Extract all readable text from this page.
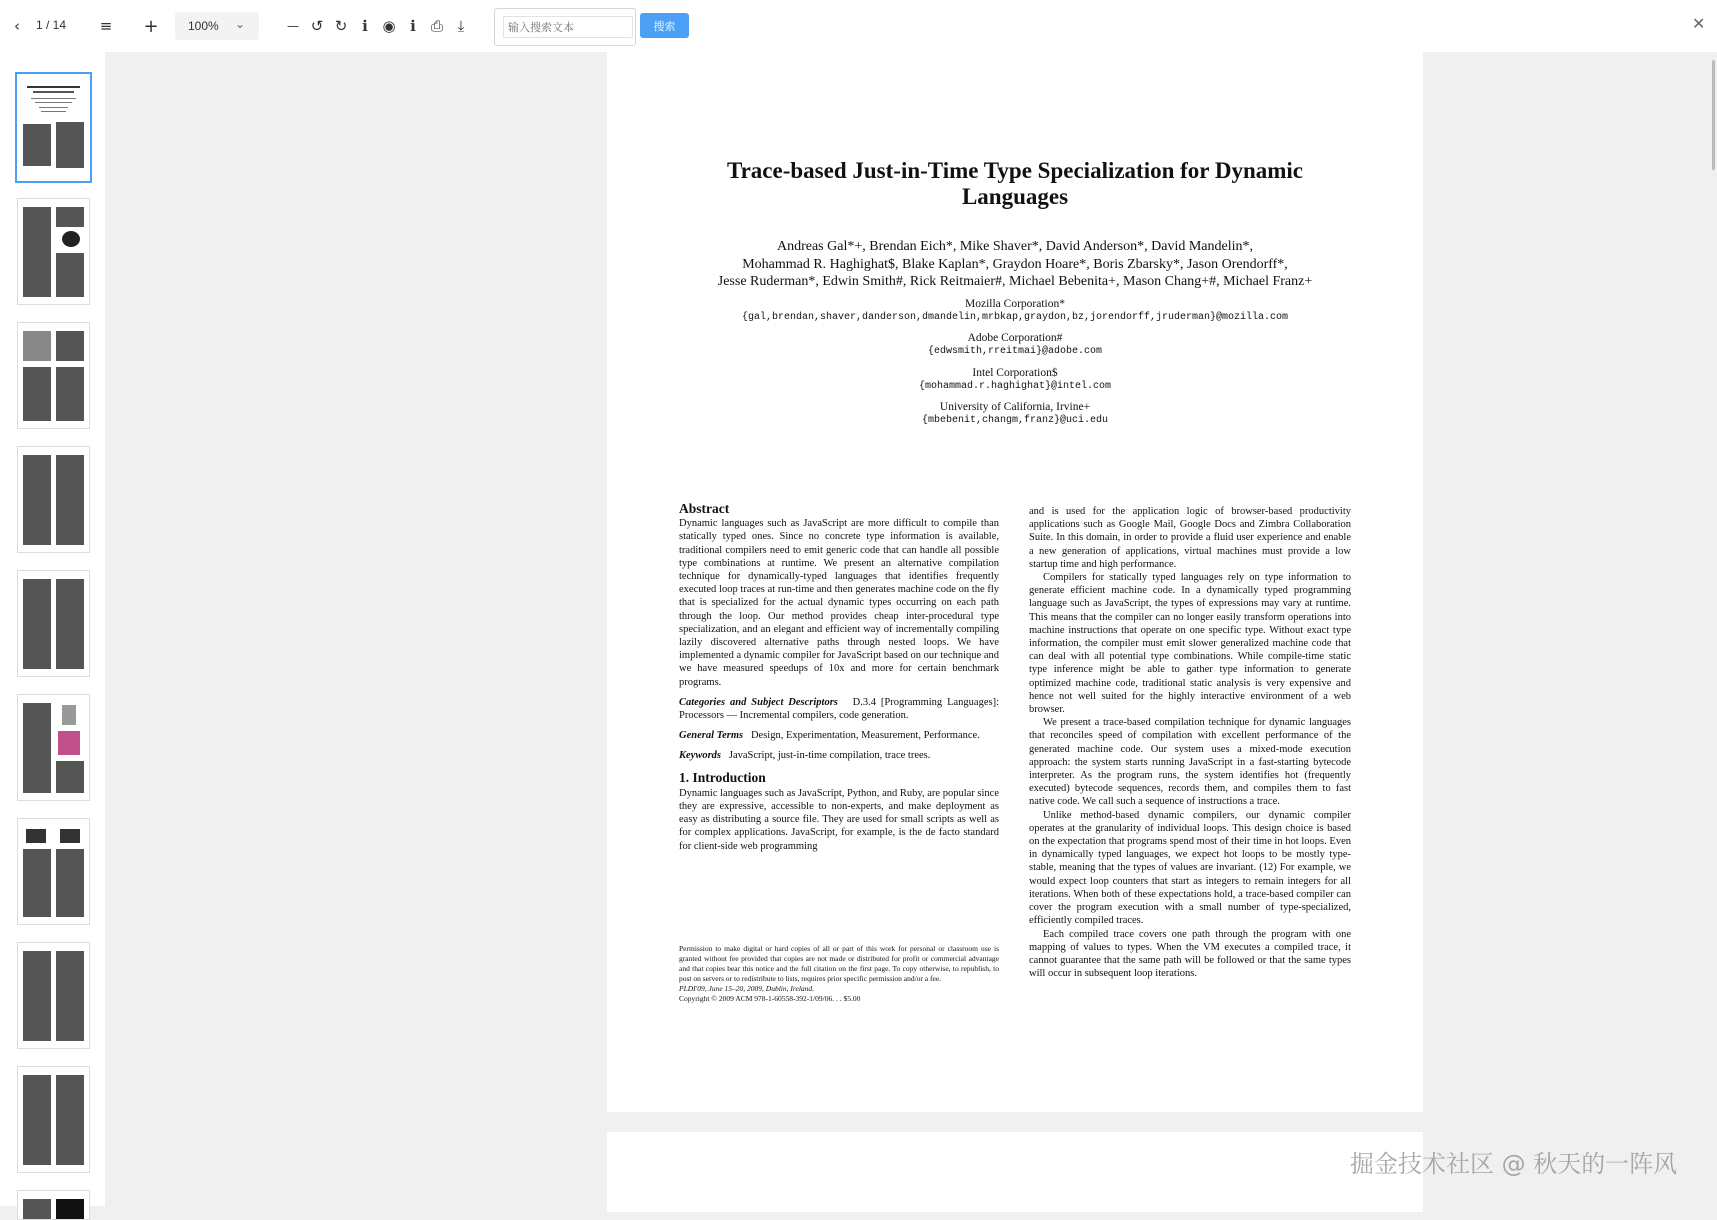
‹	1 / 14	≡ + 100% ⌄	— ↺ ↻ ℹ ◉ ℹ	⎙ ⤓
输入搜索文本	搜索	✕
Trace-based Just-in-Time Type Specialization for Dynamic Languages
Andreas Gal*+, Brendan Eich*, Mike Shaver*, David Anderson*, David Mandelin*,
Mohammad R. Haghighat$, Blake Kaplan*, Graydon Hoare*, Boris Zbarsky*, Jason Orendorff*,
Jesse Ruderman*, Edwin Smith#, Rick Reitmaier#, Michael Bebenita+, Mason Chang+#, Michael Franz+
Mozilla Corporation*
{gal,brendan,shaver,danderson,dmandelin,mrbkap,graydon,bz,jorendorff,jruderman}@mozilla.com
Adobe Corporation#
{edwsmith,rreitmai}@adobe.com
Intel Corporation$
{mohammad.r.haghighat}@intel.com
University of California, Irvine+
{mbebenit,changm,franz}@uci.edu
Abstract

Dynamic languages such as JavaScript are more difficult to compile than statically typed ones. Since no concrete type information is available, traditional compilers need to emit generic code that can handle all possible type combinations at runtime. We present an alternative compilation technique for dynamically-typed languages that identifies frequently executed loop traces at run-time and then generates machine code on the fly that is specialized for the actual dynamic types occurring on each path through the loop. Our method provides cheap inter-procedural type specialization, and an elegant and efficient way of incrementally compiling lazily discovered alternative paths through nested loops. We have implemented a dynamic compiler for JavaScript based on our technique and we have measured speedups of 10x and more for certain benchmark programs.

Categories and Subject Descriptors D.3.4 [Programming Languages]: Processors — Incremental compilers, code generation.

General Terms Design, Experimentation, Measurement, Performance.

Keywords JavaScript, just-in-time compilation, trace trees.

1. Introduction

Dynamic languages such as JavaScript, Python, and Ruby, are popular since they are expressive, accessible to non-experts, and make deployment as easy as distributing a source file. They are used for small scripts as well as for complex applications. JavaScript, for example, is the de facto standard for client-side web programming

Permission to make digital or hard copies of all or part of this work for personal or classroom use is granted without fee provided that copies are not made or distributed for profit or commercial advantage and that copies bear this notice and the full citation on the first page. To copy otherwise, to republish, to post on servers or to redistribute to lists, requires prior specific permission and/or a fee.

PLDI'09, June 15–20, 2009, Dublin, Ireland.

Copyright © 2009 ACM 978-1-60558-392-1/09/06. . . $5.00

and is used for the application logic of browser-based productivity applications such as Google Mail, Google Docs and Zimbra Collaboration Suite. In this domain, in order to provide a fluid user experience and enable a new generation of applications, virtual machines must provide a low startup time and high performance.

Compilers for statically typed languages rely on type information to generate efficient machine code. In a dynamically typed programming language such as JavaScript, the types of expressions may vary at runtime. This means that the compiler can no longer easily transform operations into machine instructions that operate on one specific type. Without exact type information, the compiler must emit slower generalized machine code that can deal with all potential type combinations. While compile-time static type inference might be able to gather type information to generate optimized machine code, traditional static analysis is very expensive and hence not well suited for the highly interactive environment of a web browser.

We present a trace-based compilation technique for dynamic languages that reconciles speed of compilation with excellent performance of the generated machine code. Our system uses a mixed-mode execution approach: the system starts running JavaScript in a fast-starting bytecode interpreter. As the program runs, the system identifies hot (frequently executed) bytecode sequences, records them, and compiles them to fast native code. We call such a sequence of instructions a trace.

Unlike method-based dynamic compilers, our dynamic compiler operates at the granularity of individual loops. This design choice is based on the expectation that programs spend most of their time in hot loops. Even in dynamically typed languages, we expect hot loops to be mostly type-stable, meaning that the types of values are invariant. (12) For example, we would expect loop counters that start as integers to remain integers for all iterations. When both of these expectations hold, a trace-based compiler can cover the program execution with a small number of type-specialized, efficiently compiled traces.

Each compiled trace covers one path through the program with one mapping of values to types. When the VM executes a compiled trace, it cannot guarantee that the same path will be followed or that the same types will occur in subsequent loop iterations.

掘金技术社区 @ 秋天的一阵风
